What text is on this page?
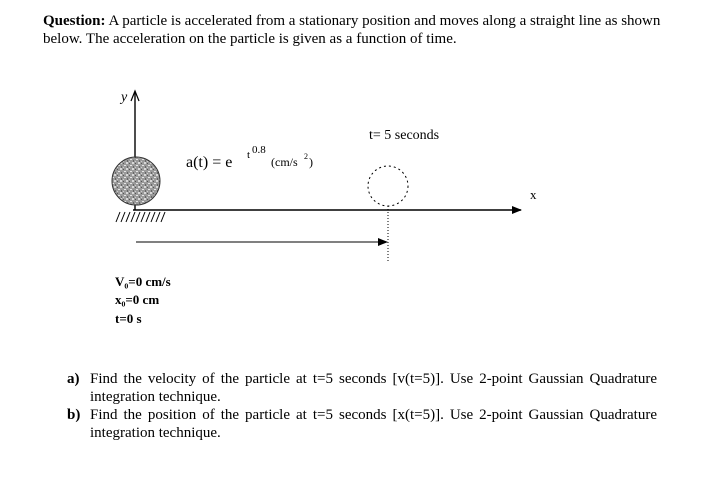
Question: A particle is accelerated from a stationary position and moves along a straight line as shown below. The acceleration on the particle is given as a function of time.
y
x
t= 5 seconds
a(t) = e t 0.8
(cm/s 2 )
V₀=0 cm/s
x₀=0 cm
t=0 s
a) Find the velocity of the particle at t=5 seconds [v(t=5)]. Use 2-point Gaussian Quadrature integration technique.
b) Find the position of the particle at t=5 seconds [x(t=5)]. Use 2-point Gaussian Quadrature integration technique.
